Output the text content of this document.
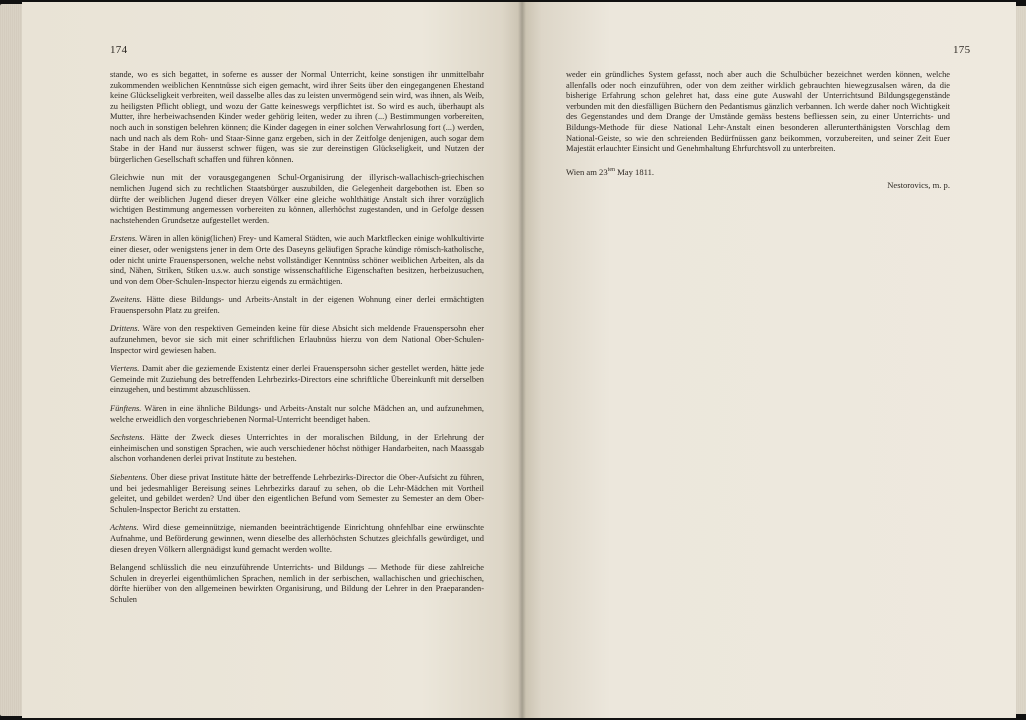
174

stande, wo es sich begattet, in soferne es ausser der Normal Unterricht, keine sonstigen ihr unmittelbahr zukommenden weiblichen Kenntnüsse sich eigen gemacht, wird ihrer Seits über den eingegangenen Ehestand keine Glückseligkeit verbreiten, weil dasselbe alles das zu leisten unvermögend sein wird, was ihnen, als Weib, zu heiligsten Pflicht obliegt, und wozu der Gatte keineswegs verpflichtet ist. So wird es auch, überhaupt als Mutter, ihre herbeiwachsenden Kinder weder gehörig leiten, weder zu ihren (...) Bestimmungen vorbereiten, noch auch in sonstigen belehren können; die Kinder dagegen in einer solchen Verwahrlosung fort (...) werden, nach und nach als dem Roh- und Staar-Sinne ganz ergeben, sich in der Zeitfolge denjenigen, auch sogar dem Stabe in der Hand nur äusserst schwer fügen, was sie zur dereinstigen Glückseligkeit, und Nutzen der bürgerlichen Gesellschaft schaffen und führen können.

Gleichwie nun mit der vorausgegangenen Schul-Organisirung der illyrisch-wallachisch-griechischen nemlichen Jugend sich zu rechtlichen Staatsbürger auszubilden, die Gelegenheit dargebothen ist. Eben so dürfte der weiblichen Jugend dieser dreyen Völker eine gleiche wohlthätige Anstalt sich ihrer vorzüglich wichtigen Bestimmung angemessen vorbereiten zu können, allerhöchst zugestanden, und in Gefolge dessen nachstehenden Grundsetze aufgestellet werden.

Erstens. Wären in allen könig(lichen) Frey- und Kameral Städten, wie auch Marktflecken einige wohlkultivirte einer dieser, oder wenigstens jener in dem Orte des Daseyns geläufigen Sprache kündige römisch-katholische, oder nicht unirte Frauenspersonen, welche nebst vollständiger Kenntnüss schöner weiblichen Arbeiten, als da sind, Nähen, Striken, Stiken u.s.w. auch sonstige wissenschaftliche Eigenschaften besitzen, herbeizusuchen, und von dem Ober-Schulen-Inspector hierzu eigends zu ermächtigen.

Zweitens. Hätte diese Bildungs- und Arbeits-Anstalt in der eigenen Wohnung einer derlei ermächtigten Frauenspersohn Platz zu greifen.

Drittens. Wäre von den respektiven Gemeinden keine für diese Absicht sich meldende Frauenspersohn eher aufzunehmen, bevor sie sich mit einer schriftlichen Erlaubnüss hierzu von dem National Ober-Schulen-Inspector wird gewiesen haben.

Viertens. Damit aber die geziemende Existentz einer derlei Frauenspersohn sicher gestellet werden, hätte jede Gemeinde mit Zuziehung des betreffenden Lehrbezirks-Directors eine schriftliche Übereinkunft mit derselben einzugehen, und bestimmt abzuschlüssen.

Fünftens. Wären in eine ähnliche Bildungs- und Arbeits-Anstalt nur solche Mädchen an, und aufzunehmen, welche erweidlich den vorgeschriebenen Normal-Unterricht beendiget haben.

Sechstens. Hätte der Zweck dieses Unterrichtes in der moralischen Bildung, in der Erlehrung der einheimischen und sonstigen Sprachen, wie auch verschiedener höchst nöthiger Handarbeiten, nach Maassgab alschon vorhandenen derlei privat Institute zu bestehen.

Siebentens. Über diese privat Institute hätte der betreffende Lehrbezirks-Director die Ober-Aufsicht zu führen, und bei jedesmahliger Bereisung seines Lehrbezirks darauf zu sehen, ob die Lehr-Mädchen mit Vortheil geleitet, und gebildet werden? Und über den eigentlichen Befund vom Semester zu Semester an dem Ober-Schulen-Inspector Bericht zu erstatten.

Achtens. Wird diese gemeinnützige, niemanden beeinträchtigende Einrichtung ohnfehlbar eine erwünschte Aufnahme, und Beförderung gewinnen, wenn dieselbe des allerhöchsten Schutzes gleichfalls gewürdiget, und diesen dreyen Völkern allergnädigst kund gemacht werden wollte.

Belangend schlüsslich die neu einzuführende Unterrichts- und Bildungs — Methode für diese zahlreiche Schulen in dreyerlei eigenthümlichen Sprachen, nemlich in der serbischen, wallachischen und griechischen, dörfte hierüber von den allgemeinen bewirkten Organisirung, und Bildung der Lehrer in den Praeparanden-Schulen

175

weder ein gründliches System gefasst, noch aber auch die Schulbücher bezeichnet werden können, welche allenfalls oder noch einzuführen, oder von dem zeither wirklich gebrauchten hiewegzusalsen wären, da die bisherige Erfahrung schon gelehret hat, dass eine gute Auswahl der Unterrichtsund Bildungsgegenstände verbunden mit den diesfälligen Büchern den Pedantismus gänzlich verbannen. Ich werde daher noch Wichtigkeit des Gegenstandes und dem Drange der Umstände gemäss bestens befliessen sein, zu einer Unterrichts- und Bildungs-Methode für diese National Lehr-Anstalt einen besonderen allerunterthänigsten Vorschlag dem National-Geiste, so wie den schreienden Bedürfnüssen ganz beikommen, vorzubereiten, und seiner Zeit Euer Majestät erlauchter Einsicht und Genehmhaltung Ehrfurchtsvoll zu unterbreiten.

Wien am $23^{ten}$ May 1811.
Nestorovics, m. p.
